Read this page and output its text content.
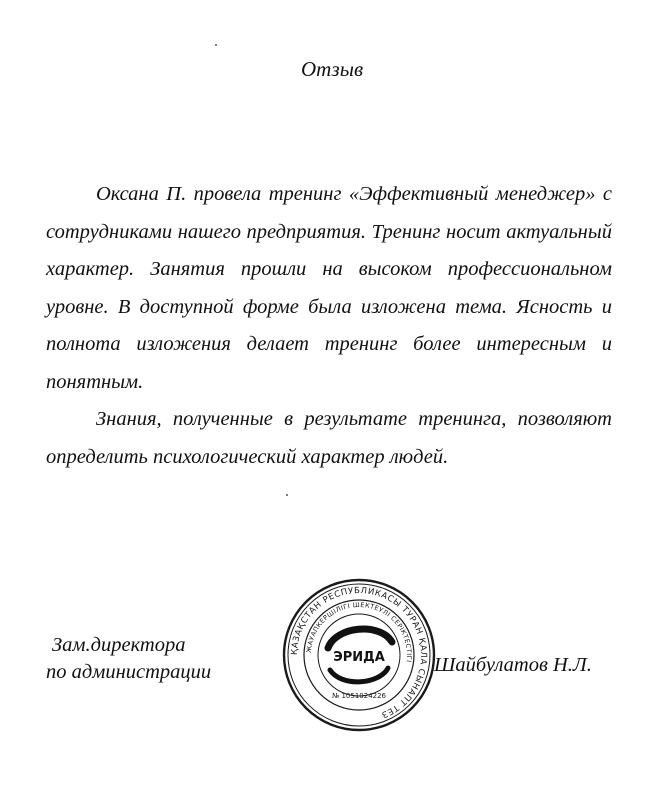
Отзыв

Оксана П. провела тренинг «Эффективный менеджер» с сотрудниками нашего предприятия. Тренинг носит актуальный характер. Занятия прошли на высоком профессиональном уровне. В доступной форме была изложена тема. Ясность и полнота изложения делает тренинг более интересным и понятным.

Знания, полученные в результате тренинга, позволяют определить психологический характер людей.

Зам.директора
по администрации	Шайбулатов Н.Л.
ҚАЗАҚСТАН РЕСПУБЛИКАСЫ ТУРАН ҚАЛА СЫНАПТ ТЕЗ
ЖАУАПКЕРШІЛІГІ ШЕКТЕУЛІ СЕРІКТЕСТІГІ
ЭРИДА
№ 1051024226
